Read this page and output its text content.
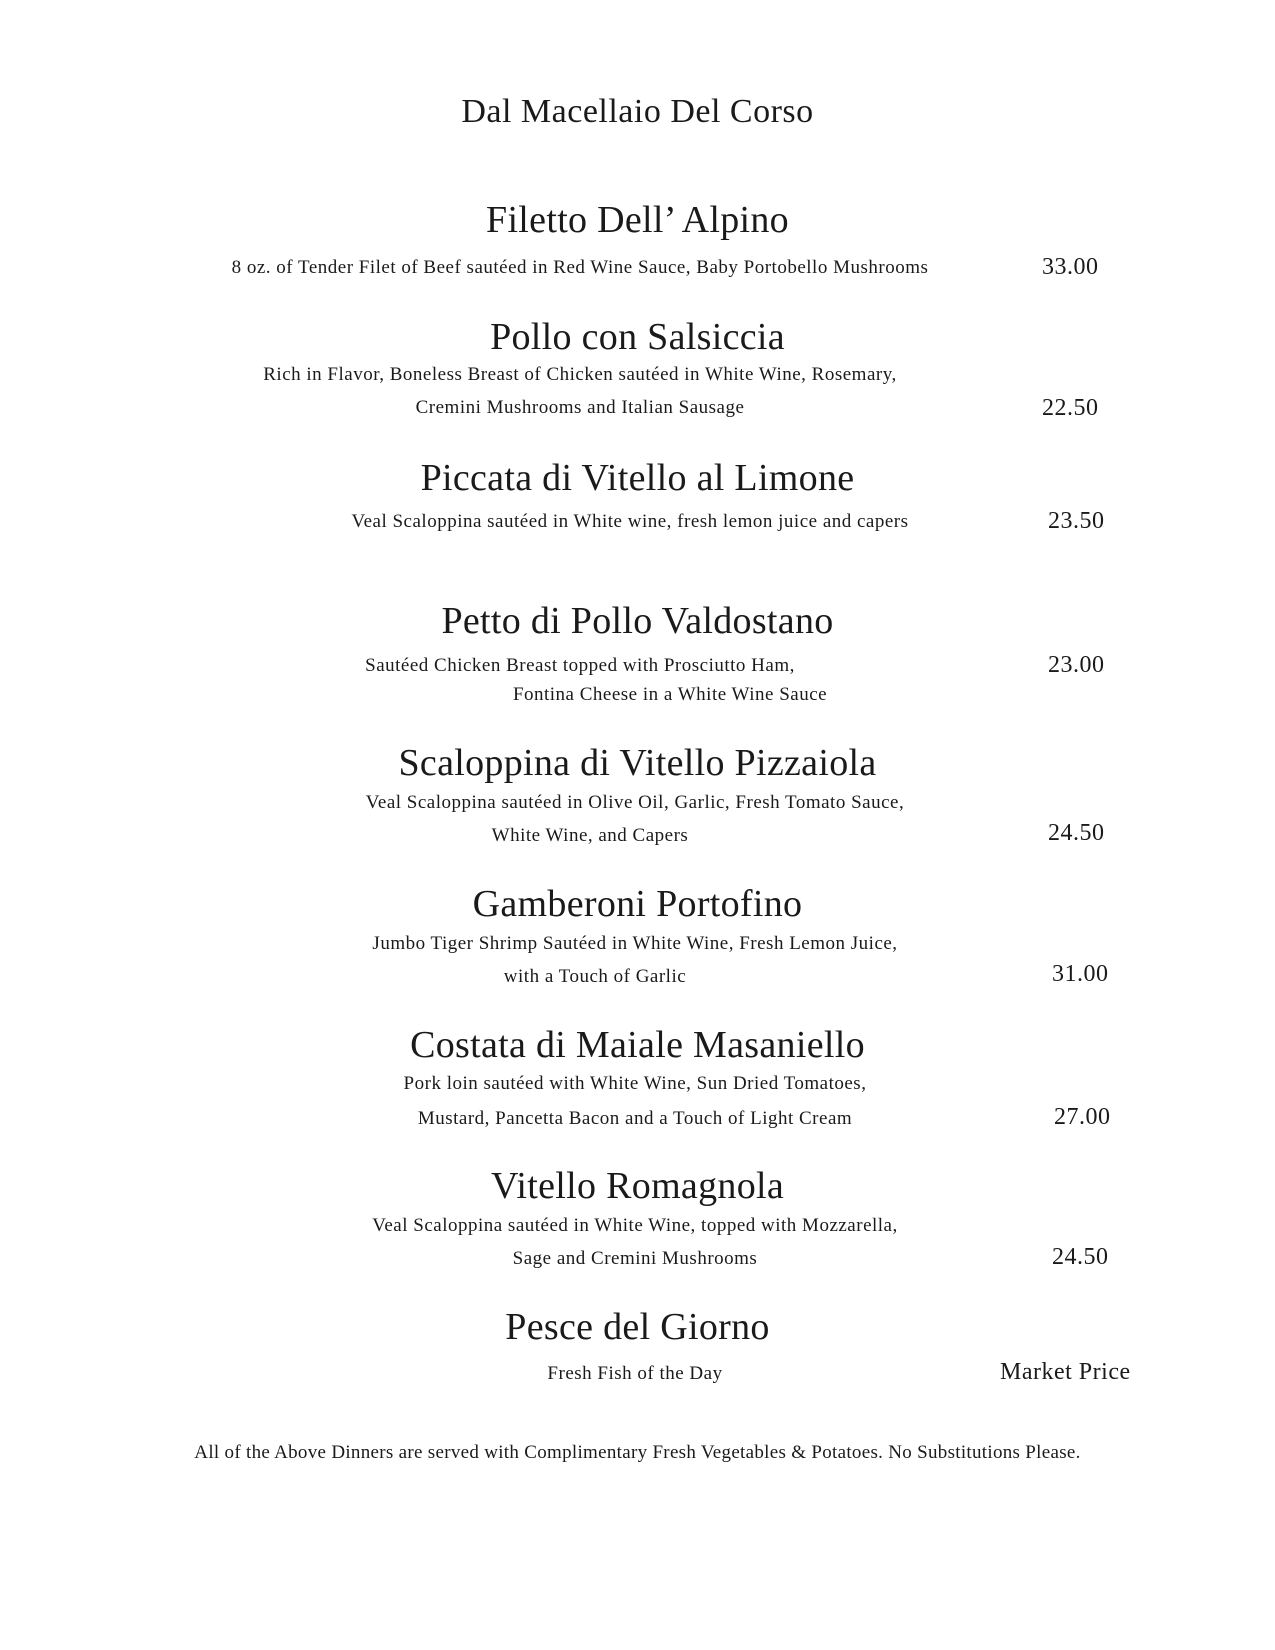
Dal Macellaio Del Corso
Filetto Dell’ Alpino
8 oz. of Tender Filet of Beef sautéed in Red Wine Sauce, Baby Portobello Mushrooms	33.00
Pollo con Salsiccia
Rich in Flavor, Boneless Breast of Chicken sautéed in White Wine, Rosemary,
Cremini Mushrooms and Italian Sausage	22.50
Piccata di Vitello al Limone
Veal Scaloppina sautéed in White wine, fresh lemon juice and capers	23.50
Petto di Pollo Valdostano
Sautéed Chicken Breast topped with Prosciutto Ham,
Fontina Cheese in a White Wine Sauce
23.00
Scaloppina di Vitello Pizzaiola
Veal Scaloppina sautéed in Olive Oil, Garlic, Fresh Tomato Sauce,
White Wine, and Capers	24.50
Gamberoni Portofino
Jumbo Tiger Shrimp Sautéed in White Wine, Fresh Lemon Juice,
with a Touch of Garlic	31.00
Costata di Maiale Masaniello
Pork loin sautéed with White Wine, Sun Dried Tomatoes,
Mustard, Pancetta Bacon and a Touch of Light Cream	27.00
Vitello Romagnola
Veal Scaloppina sautéed in White Wine, topped with Mozzarella,
Sage and Cremini Mushrooms	24.50
Pesce del Giorno
Fresh Fish of the Day	Market Price
All of the Above Dinners are served with Complimentary Fresh Vegetables & Potatoes. No Substitutions Please.
